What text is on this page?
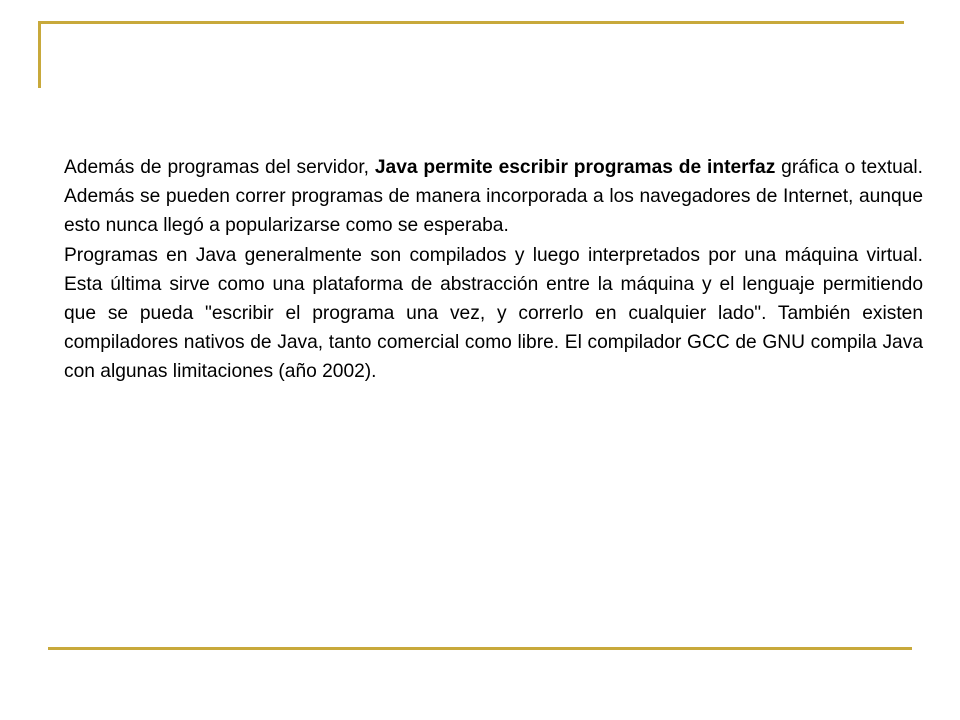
Además de programas del servidor, Java permite escribir programas de interfaz gráfica o textual. Además se pueden correr programas de manera incorporada a los navegadores de Internet, aunque esto nunca llegó a popularizarse como se esperaba.

Programas en Java generalmente son compilados y luego interpretados por una máquina virtual. Esta última sirve como una plataforma de abstracción entre la máquina y el lenguaje permitiendo que se pueda "escribir el programa una vez, y correrlo en cualquier lado". También existen compiladores nativos de Java, tanto comercial como libre. El compilador GCC de GNU compila Java con algunas limitaciones (año 2002).
